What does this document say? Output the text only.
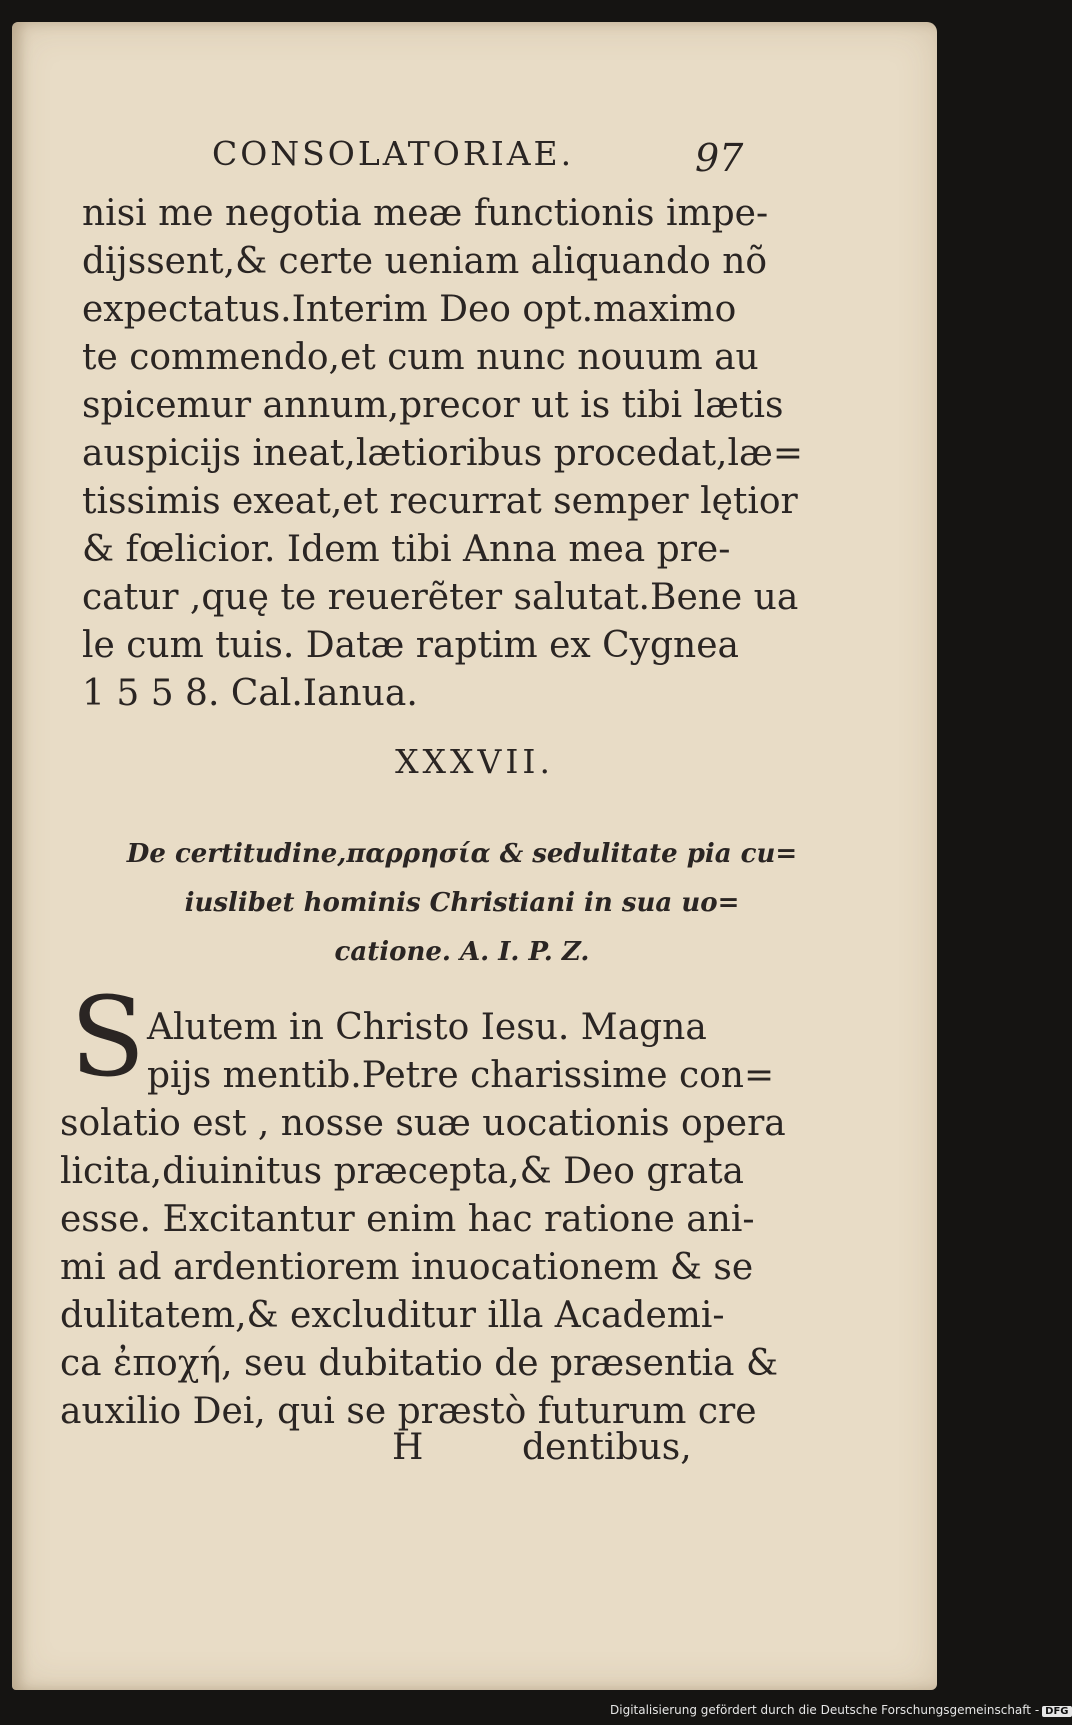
CONSOLATORIAE.	97
nisi me negotia meæ functionis impe-
dijssent,& certe ueniam aliquando nõ
expectatus.Interim Deo opt.maximo
te commendo,et cum nunc nouum au
spicemur annum,precor ut is tibi lætis
auspicijs ineat,lætioribus procedat,læ=
tissimis exeat,et recurrat semper lętior
& fœlicior. Idem tibi Anna mea pre-
catur ,quę te reuerẽter salutat.Bene ua
le cum tuis. Datæ raptim ex Cygnea
1 5 5 8. Cal.Ianua.
XXXVII.
De certitudine,παρρησία & sedulitate pia cu=
iuslibet hominis Christiani in sua uo=
catione. A. I. P. Z.
S Alutem in Christo Iesu. Magna
pijs mentib.Petre charissime con=
solatio est , nosse suæ uocationis opera
licita,diuinitus præcepta,& Deo grata
esse. Excitantur enim hac ratione ani-
mi ad ardentiorem inuocationem & se
dulitatem,& excluditur illa Academi-
ca ἐποχή, seu dubitatio de præsentia &
auxilio Dei, qui se præstò futurum cre
H	dentibus,
Digitalisierung gefördert durch die Deutsche Forschungsgemeinschaft - DFG
